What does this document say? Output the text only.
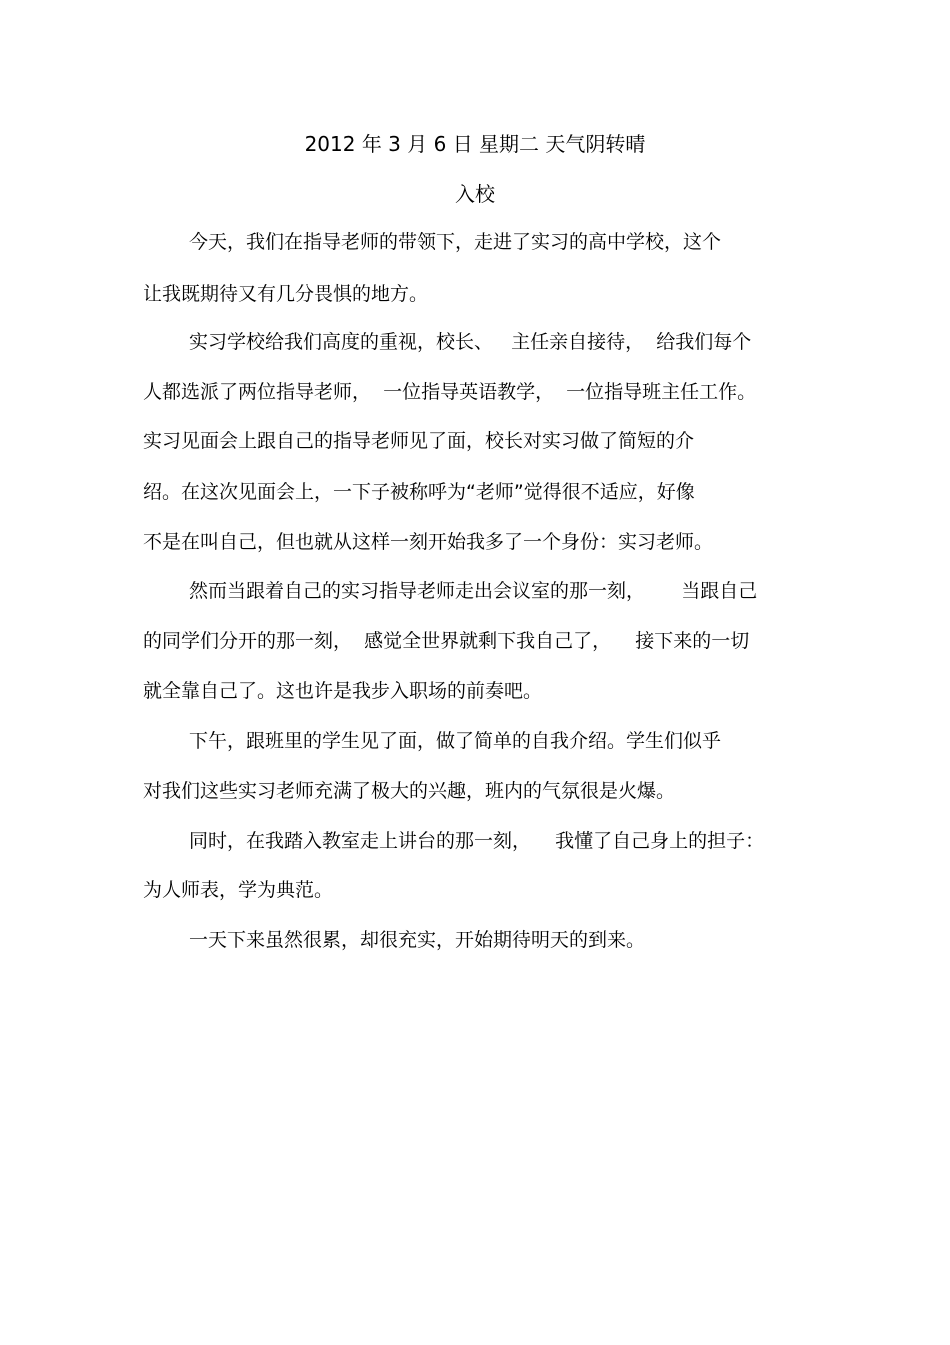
2012 年 3 月 6 日 星期二 天气阴转晴
入校
今天，我们在指导老师的带领下，走进了实习的高中学校，这个
让我既期待又有几分畏惧的地方。
实习学校给我们高度的重视，校长、   主任亲自接待，  给我们每个
人都选派了两位指导老师，  一位指导英语教学，  一位指导班主任工作。
实习见面会上跟自己的指导老师见了面，校长对实习做了简短的介
绍。在这次见面会上，一下子被称呼为“老师”觉得很不适应，好像
不是在叫自己，但也就从这样一刻开始我多了一个身份：实习老师。
然而当跟着自己的实习指导老师走出会议室的那一刻，      当跟自己
的同学们分开的那一刻，  感觉全世界就剩下我自己了，    接下来的一切
就全靠自己了。这也许是我步入职场的前奏吧。
下午，跟班里的学生见了面，做了简单的自我介绍。学生们似乎
对我们这些实习老师充满了极大的兴趣，班内的气氛很是火爆。
同时，在我踏入教室走上讲台的那一刻，    我懂了自己身上的担子：
为人师表，学为典范。
一天下来虽然很累，却很充实，开始期待明天的到来。
